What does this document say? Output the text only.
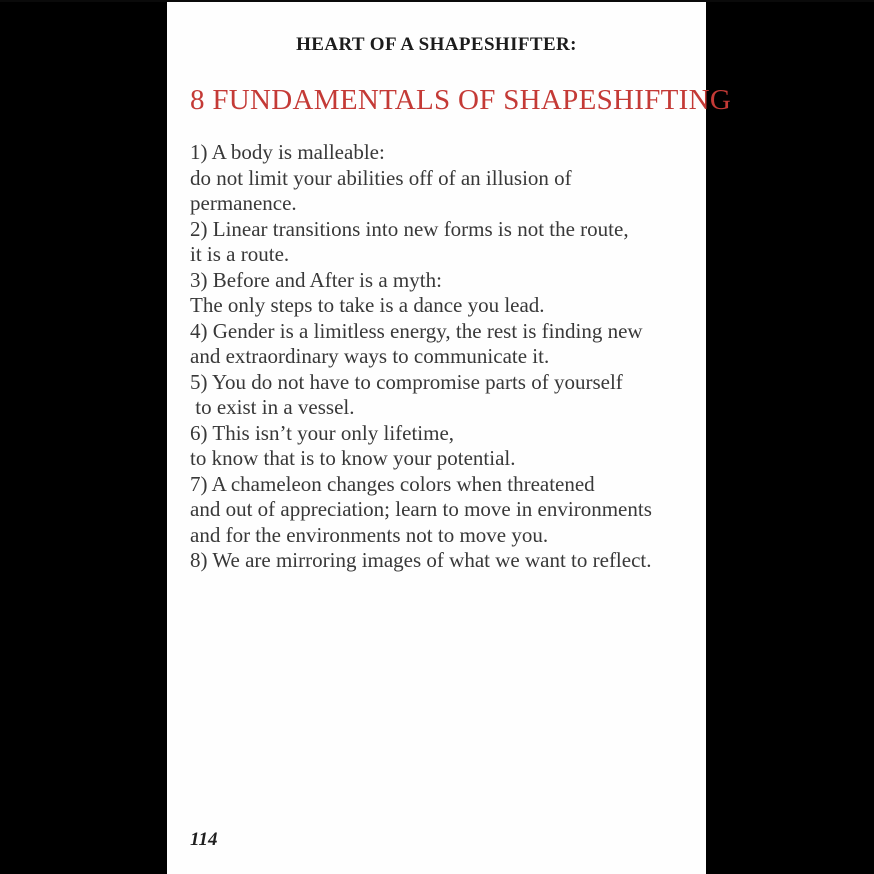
HEART OF A SHAPESHIFTER:
8 FUNDAMENTALS OF SHAPESHIFTING
1) A body is malleable:
do not limit your abilities off of an illusion of
permanence.
2) Linear transitions into new forms is not the route,
it is a route.
3) Before and After is a myth:
The only steps to take is a dance you lead.
4) Gender is a limitless energy, the rest is finding new
and extraordinary ways to communicate it.
5) You do not have to compromise parts of yourself
to exist in a vessel.
6) This isn’t your only lifetime,
to know that is to know your potential.
7) A chameleon changes colors when threatened
and out of appreciation; learn to move in environments
and for the environments not to move you.
8) We are mirroring images of what we want to reflect.
114
